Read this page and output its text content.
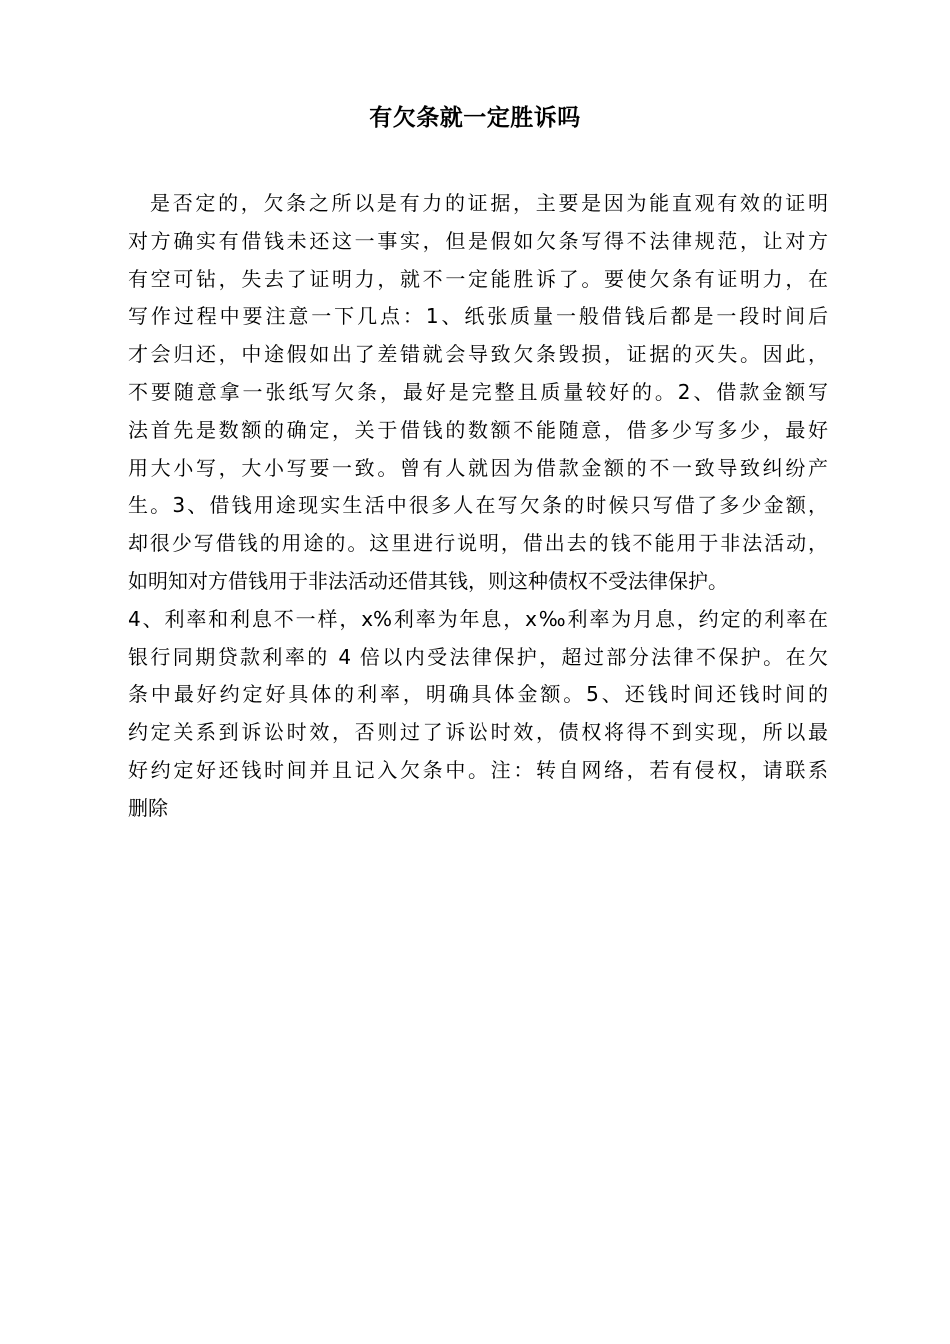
有欠条就一定胜诉吗
是否定的，欠条之所以是有力的证据，主要是因为能直观有效的证明
对方确实有借钱未还这一事实，但是假如欠条写得不法律规范，让对方
有空可钻，失去了证明力，就不一定能胜诉了。要使欠条有证明力，在
写作过程中要注意一下几点：1、纸张质量一般借钱后都是一段时间后
才会归还，中途假如出了差错就会导致欠条毁损，证据的灭失。因此，
不要随意拿一张纸写欠条，最好是完整且质量较好的。2、借款金额写
法首先是数额的确定，关于借钱的数额不能随意，借多少写多少，最好
用大小写，大小写要一致。曾有人就因为借款金额的不一致导致纠纷产
生。3、借钱用途现实生活中很多人在写欠条的时候只写借了多少金额，
却很少写借钱的用途的。这里进行说明，借出去的钱不能用于非法活动，
如明知对方借钱用于非法活动还借其钱，则这种债权不受法律保护。
4、利率和利息不一样，x%利率为年息，x‰利率为月息，约定的利率在
银行同期贷款利率的 4 倍以内受法律保护，超过部分法律不保护。在欠
条中最好约定好具体的利率，明确具体金额。5、还钱时间还钱时间的
约定关系到诉讼时效，否则过了诉讼时效，债权将得不到实现，所以最
好约定好还钱时间并且记入欠条中。注：转自网络，若有侵权，请联系
删除
